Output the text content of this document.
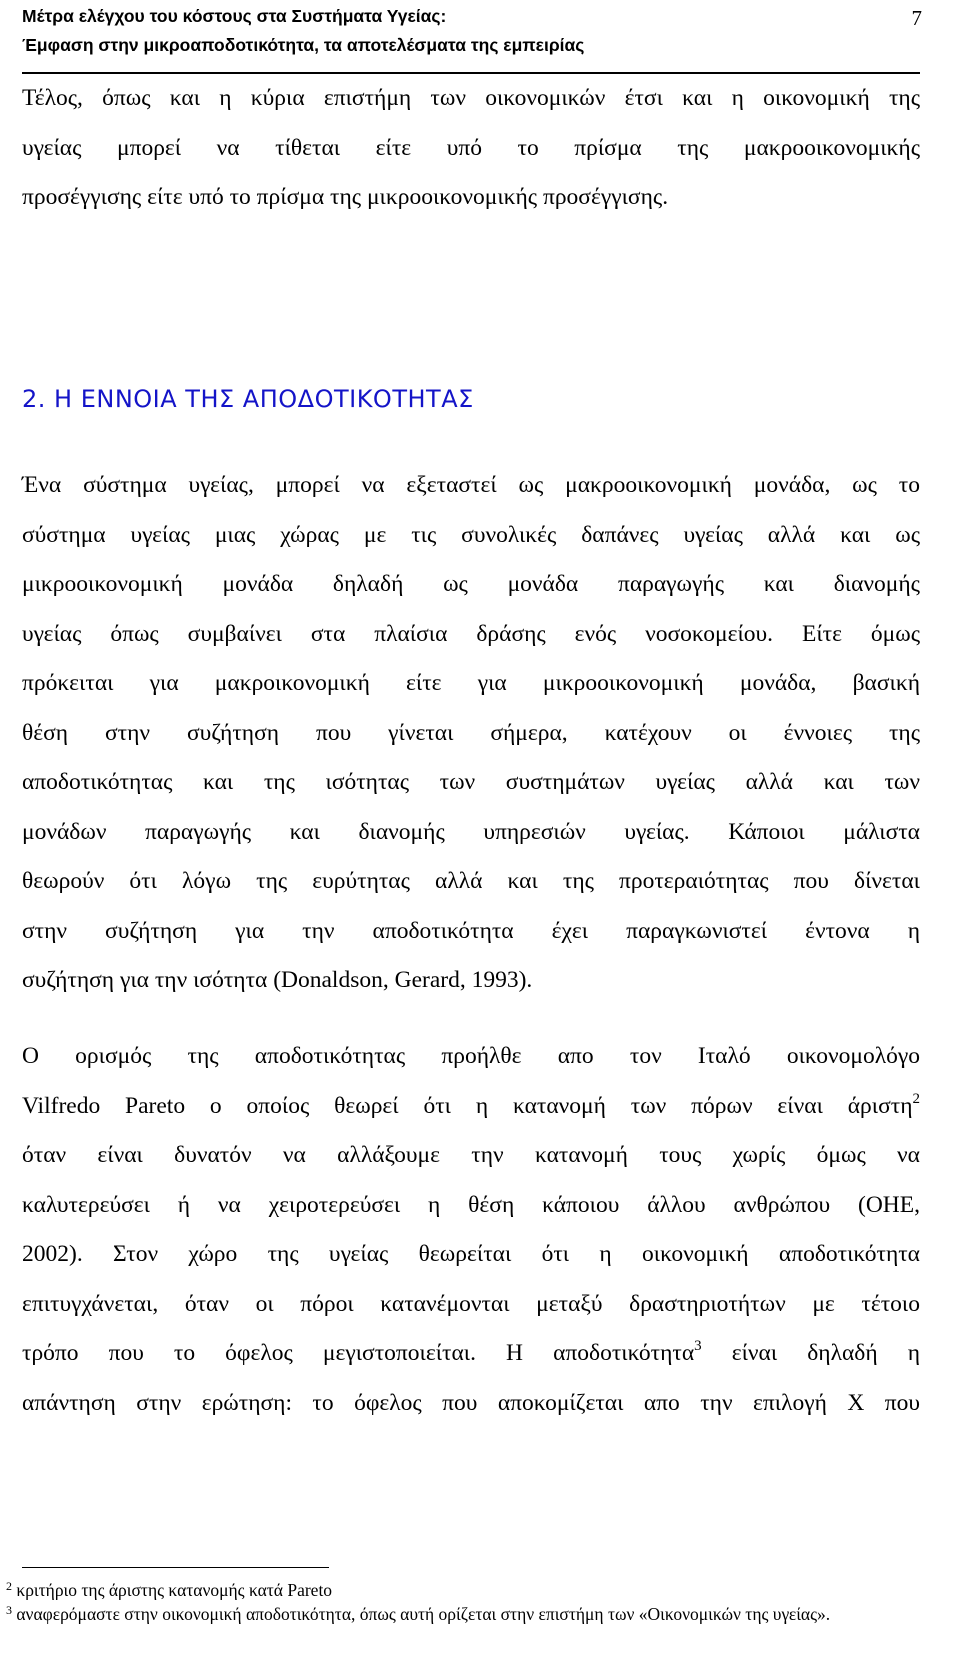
Μέτρα ελέγχου του κόστους στα Συστήματα Υγείας:
Έμφαση στην μικροαποδοτικότητα, τα αποτελέσματα της εμπειρίας
7
Τέλος, όπως και η κύρια επιστήμη των οικονομικών έτσι και η οικονομική της
υγείας μπορεί να τίθεται είτε υπό το πρίσμα της μακροοικονομικής
προσέγγισης είτε υπό το πρίσμα της μικροοικονομικής προσέγγισης.
2. Η ΕΝΝΟΙΑ ΤΗΣ ΑΠΟΔΟΤΙΚΟΤΗΤΑΣ
Ένα σύστημα υγείας, μπορεί να εξεταστεί ως μακροοικονομική μονάδα, ως το
σύστημα υγείας μιας χώρας με τις συνολικές δαπάνες υγείας αλλά και ως
μικροοικονομική μονάδα δηλαδή ως μονάδα παραγωγής και διανομής
υγείας όπως συμβαίνει στα πλαίσια δράσης ενός νοσοκομείου. Είτε όμως
πρόκειται για μακροικονομική είτε για μικροοικονομική μονάδα, βασική
θέση στην συζήτηση που γίνεται σήμερα, κατέχουν οι έννοιες της
αποδοτικότητας και της ισότητας των συστημάτων υγείας αλλά και των
μονάδων παραγωγής και διανομής υπηρεσιών υγείας. Κάποιοι μάλιστα
θεωρούν ότι λόγω της ευρύτητας αλλά και της προτεραιότητας που δίνεται
στην συζήτηση για την αποδοτικότητα έχει παραγκωνιστεί έντονα η
συζήτηση για την ισότητα (Donaldson, Gerard, 1993).
Ο ορισμός της αποδοτικότητας προήλθε απο τον Ιταλό οικονομολόγο
Vilfredo Pareto ο οποίος θεωρεί ότι η κατανομή των πόρων είναι άριστη$^2$
όταν είναι δυνατόν να αλλάξουμε την κατανομή τους χωρίς όμως να
καλυτερεύσει ή να χειροτερεύσει η θέση κάποιου άλλου ανθρώπου (OHE,
2002). Στον χώρο της υγείας θεωρείται ότι η οικονομική αποδοτικότητα
επιτυγχάνεται, όταν οι πόροι κατανέμονται μεταξύ δραστηριοτήτων με τέτοιο
τρόπο που το όφελος μεγιστοποιείται. Η αποδοτικότητα$^3$ είναι δηλαδή η
απάντηση στην ερώτηση: το όφελος που αποκομίζεται απο την επιλογή Χ που
$^2$ κριτήριο της άριστης κατανομής κατά Pareto
$^3$ αναφερόμαστε στην οικονομική αποδοτικότητα, όπως αυτή ορίζεται στην επιστήμη των «Οικονομικών της υγείας».
